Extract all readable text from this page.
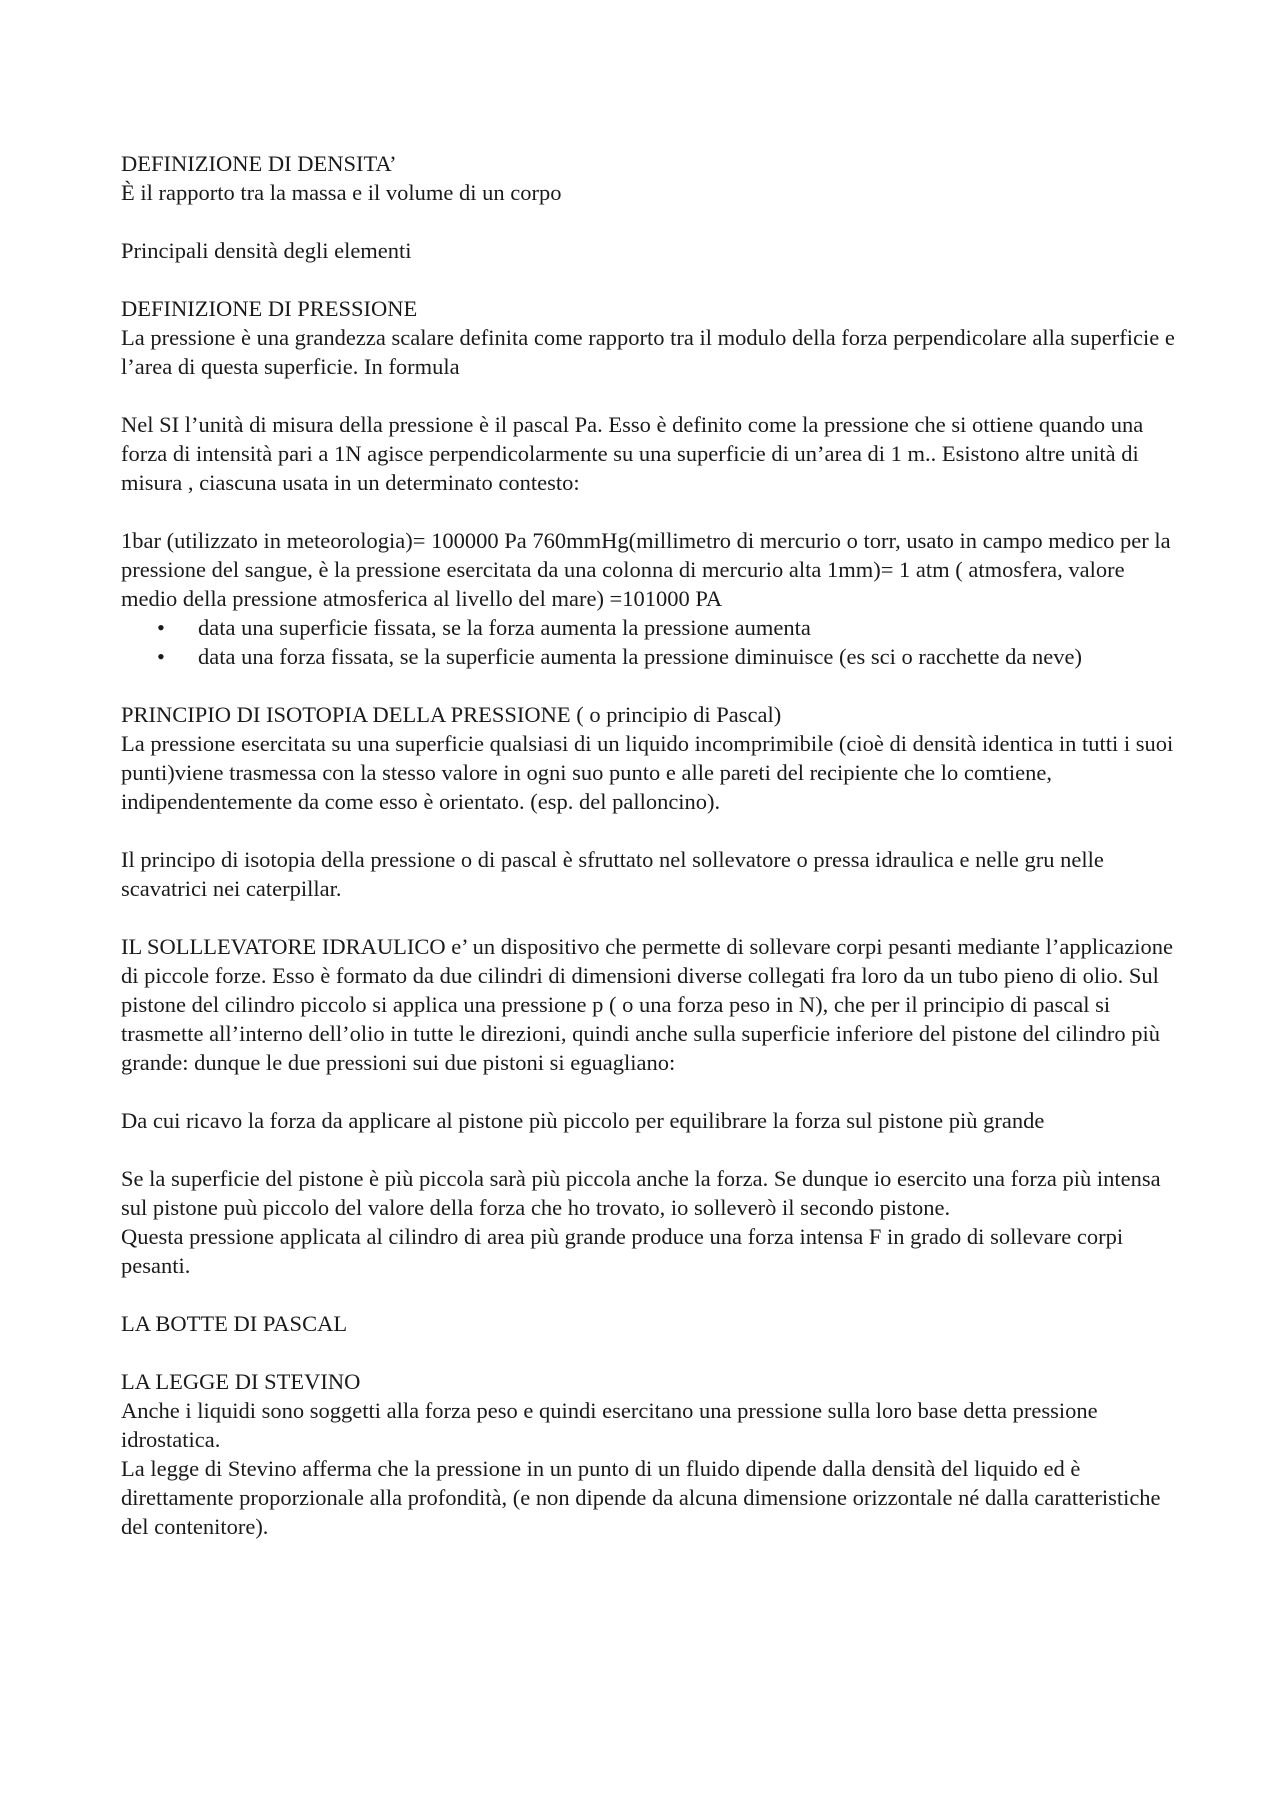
DEFINIZIONE DI DENSITA’

È il rapporto tra la massa e il volume di un corpo

Principali densità degli elementi

DEFINIZIONE DI PRESSIONE

La pressione è una grandezza scalare definita come rapporto tra il modulo della forza perpendicolare alla superficie e l’area di questa superficie. In formula

Nel SI l’unità di misura della pressione è il pascal Pa. Esso è definito come la pressione che si ottiene quando una forza di intensità pari a 1N agisce perpendicolarmente su una superficie di un’area di 1 m.. Esistono altre unità di misura , ciascuna usata in un determinato contesto:

1bar (utilizzato in meteorologia)= 100000 Pa 760mmHg(millimetro di mercurio o torr, usato in campo medico per la pressione del sangue, è la pressione esercitata da una colonna di mercurio alta 1mm)= 1 atm ( atmosfera, valore medio della pressione atmosferica al livello del mare) =101000 PA

• data una superficie fissata, se la forza aumenta la pressione aumenta
• data una forza fissata, se la superficie aumenta la pressione diminuisce (es sci o racchette da neve)

PRINCIPIO DI ISOTOPIA DELLA PRESSIONE ( o principio di Pascal)

La pressione esercitata su una superficie qualsiasi di un liquido incomprimibile (cioè di densità identica in tutti i suoi punti)viene trasmessa con la stesso valore in ogni suo punto e alle pareti del recipiente che lo comtiene, indipendentemente da come esso è orientato. (esp. del palloncino).

Il principo di isotopia della pressione o di pascal è sfruttato nel sollevatore o pressa idraulica e nelle gru nelle scavatrici nei caterpillar.

IL SOLLLEVATORE IDRAULICO e’ un dispositivo che permette di sollevare corpi pesanti mediante l’applicazione di piccole forze. Esso è formato da due cilindri di dimensioni diverse collegati fra loro da un tubo pieno di olio. Sul pistone del cilindro piccolo si applica una pressione p ( o una forza peso in N), che per il principio di pascal si trasmette all’interno dell’olio in tutte le direzioni, quindi anche sulla superficie inferiore del pistone del cilindro più grande: dunque le due pressioni sui due pistoni si eguagliano:

Da cui ricavo la forza da applicare al pistone più piccolo per equilibrare la forza sul pistone più grande

Se la superficie del pistone è più piccola sarà più piccola anche la forza. Se dunque io esercito una forza più intensa sul pistone puù piccolo del valore della forza che ho trovato, io solleverò il secondo pistone.

Questa pressione applicata al cilindro di area più grande produce una forza intensa F in grado di sollevare corpi pesanti.

LA BOTTE DI PASCAL

LA LEGGE DI STEVINO

Anche i liquidi sono soggetti alla forza peso e quindi esercitano una pressione sulla loro base detta pressione idrostatica.

La legge di Stevino afferma che la pressione in un punto di un fluido dipende dalla densità del liquido ed è direttamente proporzionale alla profondità, (e non dipende da alcuna dimensione orizzontale né dalla caratteristiche del contenitore).
